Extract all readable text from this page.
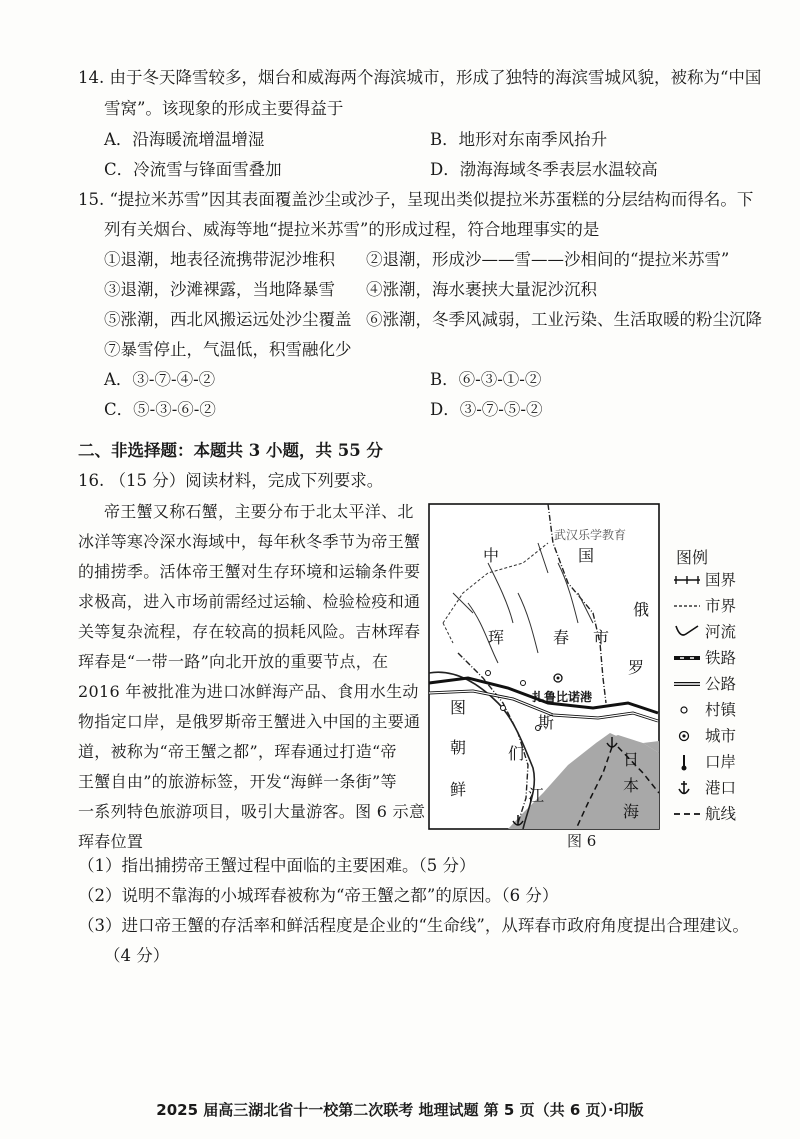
14. 由于冬天降雪较多，烟台和威海两个海滨城市，形成了独特的海滨雪城风貌，被称为“中国
雪窝”。该现象的形成主要得益于
A．沿海暖流增温增湿	B．地形对东南季风抬升
C．冷流雪与锋面雪叠加	D．渤海海域冬季表层水温较高
15. “提拉米苏雪”因其表面覆盖沙尘或沙子，呈现出类似提拉米苏蛋糕的分层结构而得名。下
列有关烟台、威海等地“提拉米苏雪”的形成过程，符合地理事实的是
①退潮，地表径流携带泥沙堆积 ②退潮，形成沙——雪——沙相间的“提拉米苏雪”
③退潮，沙滩裸露，当地降暴雪 ④涨潮，海水裹挟大量泥沙沉积
⑤涨潮，西北风搬运远处沙尘覆盖 ⑥涨潮，冬季风减弱，工业污染、生活取暖的粉尘沉降
⑦暴雪停止，气温低，积雪融化少
A．③-⑦-④-②	B．⑥-③-①-②
C．⑤-③-⑥-②	D．③-⑦-⑤-②
二、非选择题：本题共 3 小题，共 55 分
16. （15 分）阅读材料，完成下列要求。
帝王蟹又称石蟹，主要分布于北太平洋、北
冰洋等寒冷深水海域中，每年秋冬季节为帝王蟹
的捕捞季。活体帝王蟹对生存环境和运输条件要
求极高，进入市场前需经过运输、检验检疫和通
关等复杂流程，存在较高的损耗风险。吉林珲春
珲春是“一带一路”向北开放的重要节点，在
2016 年被批准为进口冰鲜海产品、食用水生动
物指定口岸，是俄罗斯帝王蟹进入中国的主要通
道，被称为“帝王蟹之都”，珲春通过打造“帝
王蟹自由”的旅游标签，开发“海鲜一条街”等
一系列特色旅游项目，吸引大量游客。图 6 示意
珲春位置
武汉乐学教育
中	国
珲	春 市
俄
罗
斯
图
们
江
朝
鲜
日
本
海
扎鲁比诺港
图例
国界
市界
河流
铁路
公路
村镇
城市
口岸
港口
航线
图 6
（1）指出捕捞帝王蟹过程中面临的主要困难。（5 分）
（2）说明不靠海的小城珲春被称为“帝王蟹之都”的原因。（6 分）
（3）进口帝王蟹的存活率和鲜活程度是企业的“生命线”，从珲春市政府角度提出合理建议。
（4 分）
2025 届高三湖北省十一校第二次联考 地理试题 第 5 页（共 6 页）·印版
